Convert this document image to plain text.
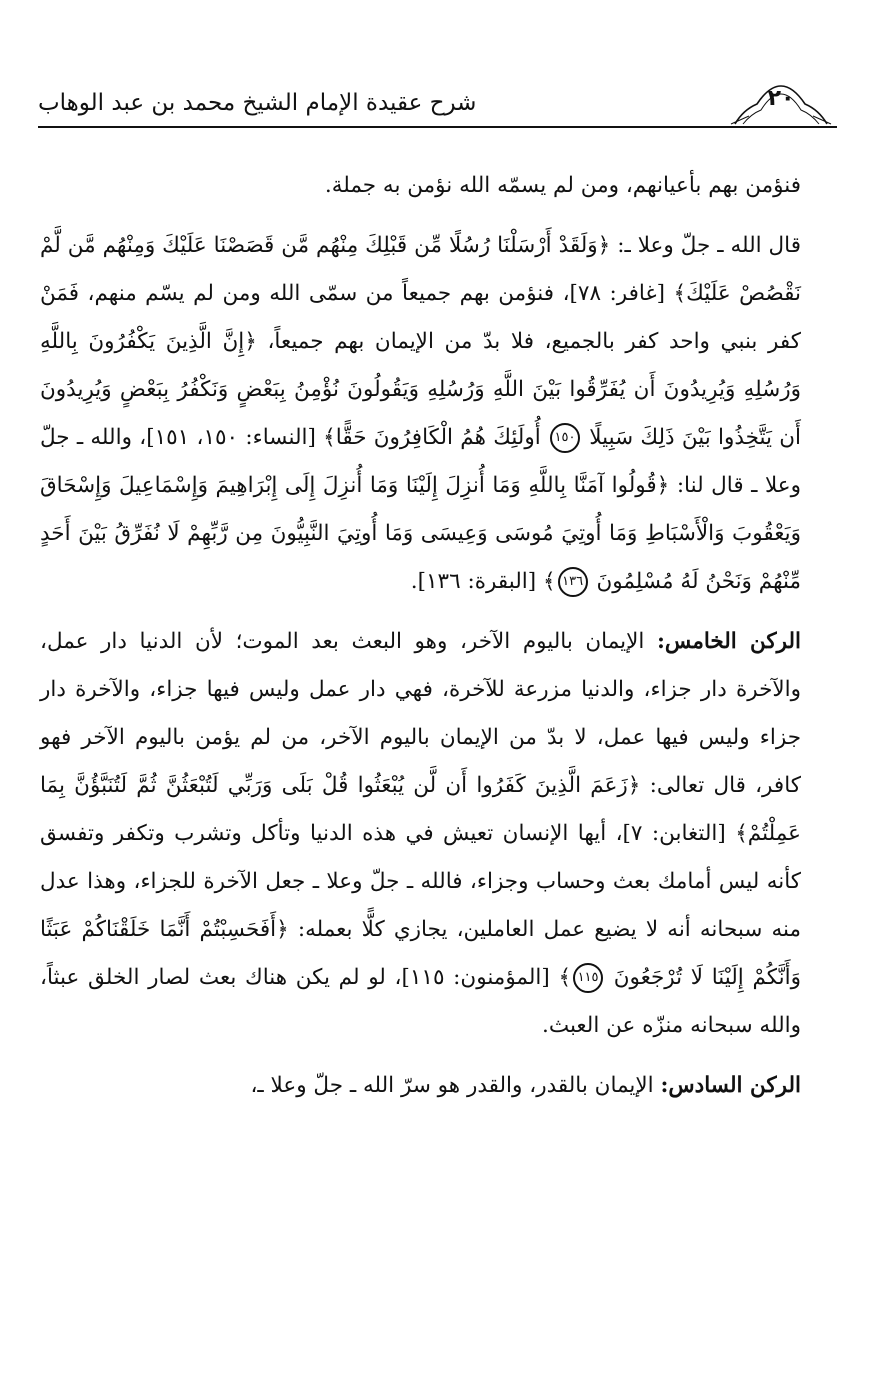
شرح عقيدة الإمام الشيخ محمد بن عبد الوهاب	٢٠

فنؤمن بهم بأعيانهم، ومن لم يسمّه الله نؤمن به جملة.

قال الله ـ جلّ وعلا ـ: ﴿وَلَقَدْ أَرْسَلْنَا رُسُلًا مِّن قَبْلِكَ مِنْهُم مَّن قَصَصْنَا عَلَيْكَ وَمِنْهُم مَّن لَّمْ نَقْصُصْ عَلَيْكَ﴾ [غافر: ٧٨]، فنؤمن بهم جميعاً من سمّى الله ومن لم يسّم منهم، فَمَنْ كفر بنبي واحد كفر بالجميع، فلا بدّ من الإيمان بهم جميعاً، ﴿إِنَّ الَّذِينَ يَكْفُرُونَ بِاللَّهِ وَرُسُلِهِ وَيُرِيدُونَ أَن يُفَرِّقُوا بَيْنَ اللَّهِ وَرُسُلِهِ وَيَقُولُونَ نُؤْمِنُ بِبَعْضٍ وَنَكْفُرُ بِبَعْضٍ وَيُرِيدُونَ أَن يَتَّخِذُوا بَيْنَ ذَلِكَ سَبِيلًا ١٥٠ أُولَئِكَ هُمُ الْكَافِرُونَ حَقًّا﴾ [النساء: ١٥٠، ١٥١]، والله ـ جلّ وعلا ـ قال لنا: ﴿قُولُوا آمَنَّا بِاللَّهِ وَمَا أُنزِلَ إِلَيْنَا وَمَا أُنزِلَ إِلَى إِبْرَاهِيمَ وَإِسْمَاعِيلَ وَإِسْحَاقَ وَيَعْقُوبَ وَالْأَسْبَاطِ وَمَا أُوتِيَ مُوسَى وَعِيسَى وَمَا أُوتِيَ النَّبِيُّونَ مِن رَّبِّهِمْ لَا نُفَرِّقُ بَيْنَ أَحَدٍ مِّنْهُمْ وَنَحْنُ لَهُ مُسْلِمُونَ ١٣٦﴾ [البقرة: ١٣٦].

الركن الخامس: الإيمان باليوم الآخر، وهو البعث بعد الموت؛ لأن الدنيا دار عمل، والآخرة دار جزاء، والدنيا مزرعة للآخرة، فهي دار عمل وليس فيها جزاء، والآخرة دار جزاء وليس فيها عمل، لا بدّ من الإيمان باليوم الآخر، من لم يؤمن باليوم الآخر فهو كافر، قال تعالى: ﴿زَعَمَ الَّذِينَ كَفَرُوا أَن لَّن يُبْعَثُوا قُلْ بَلَى وَرَبِّي لَتُبْعَثُنَّ ثُمَّ لَتُنَبَّؤُنَّ بِمَا عَمِلْتُمْ﴾ [التغابن: ٧]، أيها الإنسان تعيش في هذه الدنيا وتأكل وتشرب وتكفر وتفسق كأنه ليس أمامك بعث وحساب وجزاء، فالله ـ جلّ وعلا ـ جعل الآخرة للجزاء، وهذا عدل منه سبحانه أنه لا يضيع عمل العاملين، يجازي كلًّا بعمله: ﴿أَفَحَسِبْتُمْ أَنَّمَا خَلَقْنَاكُمْ عَبَثًا وَأَنَّكُمْ إِلَيْنَا لَا تُرْجَعُونَ ١١٥﴾ [المؤمنون: ١١٥]، لو لم يكن هناك بعث لصار الخلق عبثاً، والله سبحانه منزّه عن العبث.

الركن السادس: الإيمان بالقدر، والقدر هو سرّ الله ـ جلّ وعلا ـ،
